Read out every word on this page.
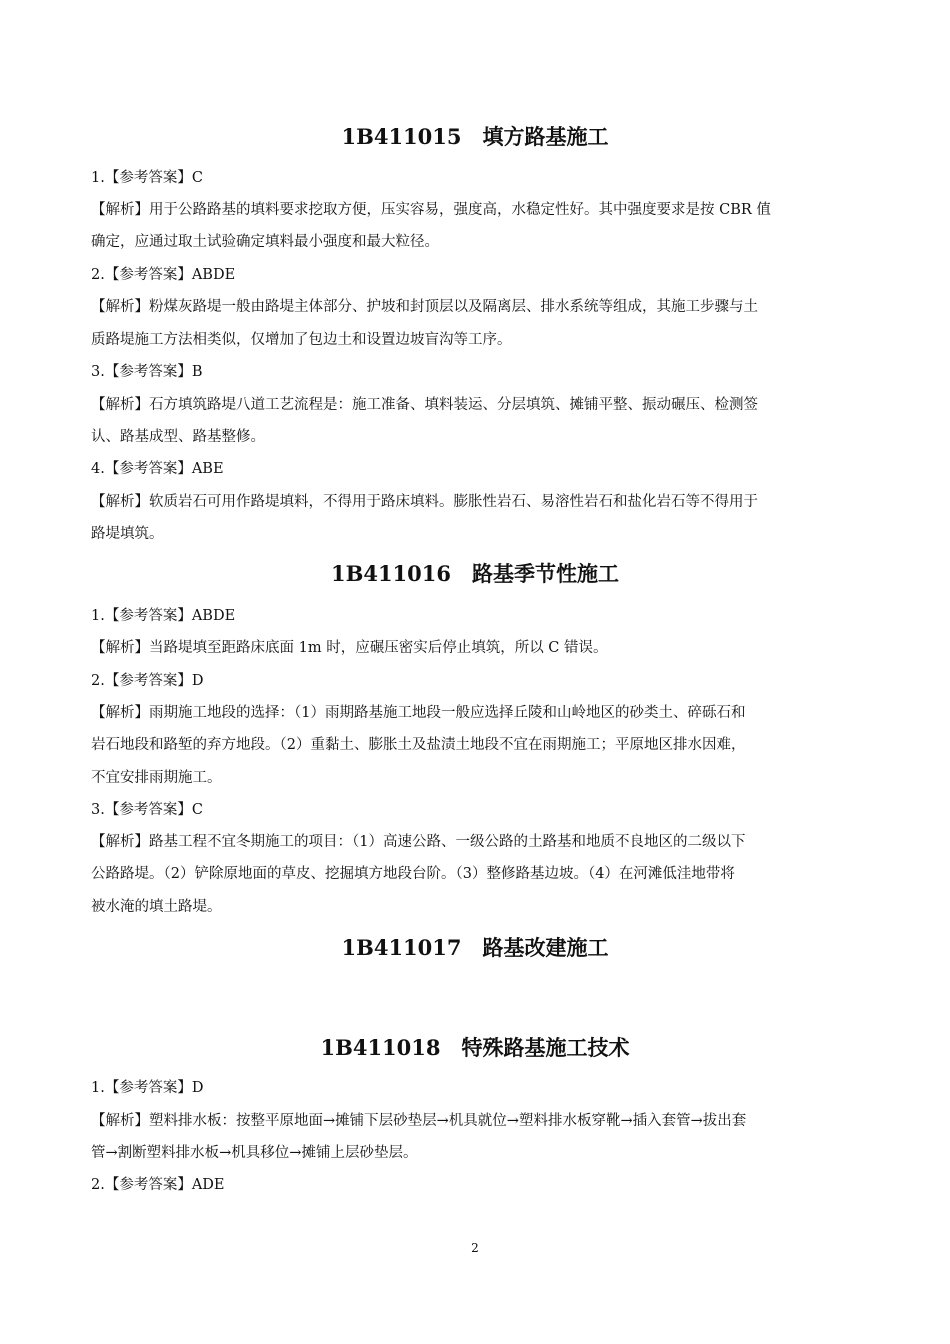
1B411015　填方路基施工
1.【参考答案】C
【解析】用于公路路基的填料要求挖取方便，压实容易，强度高，水稳定性好。其中强度要求是按 CBR 值
确定，应通过取土试验确定填料最小强度和最大粒径。
2.【参考答案】ABDE
【解析】粉煤灰路堤一般由路堤主体部分、护坡和封顶层以及隔离层、排水系统等组成，其施工步骤与土
质路堤施工方法相类似，仅增加了包边土和设置边坡盲沟等工序。
3.【参考答案】B
【解析】石方填筑路堤八道工艺流程是：施工准备、填料装运、分层填筑、摊铺平整、振动碾压、检测签
认、路基成型、路基整修。
4.【参考答案】ABE
【解析】软质岩石可用作路堤填料，不得用于路床填料。膨胀性岩石、易溶性岩石和盐化岩石等不得用于
路堤填筑。
1B411016　路基季节性施工
1.【参考答案】ABDE
【解析】当路堤填至距路床底面 1m 时，应碾压密实后停止填筑，所以 C 错误。
2.【参考答案】D
【解析】雨期施工地段的选择：（1）雨期路基施工地段一般应选择丘陵和山岭地区的砂类土、碎砾石和
岩石地段和路堑的弃方地段。（2）重黏土、膨胀土及盐渍土地段不宜在雨期施工；平原地区排水因难，
不宜安排雨期施工。
3.【参考答案】C
【解析】路基工程不宜冬期施工的项目：（1）高速公路、一级公路的土路基和地质不良地区的二级以下
公路路堤。（2）铲除原地面的草皮、挖掘填方地段台阶。（3）整修路基边坡。（4）在河滩低洼地带将
被水淹的填土路堤。
1B411017　路基改建施工
1B411018　特殊路基施工技术
1.【参考答案】D
【解析】塑料排水板：按整平原地面→摊铺下层砂垫层→机具就位→塑料排水板穿靴→插入套管→拔出套
管→割断塑料排水板→机具移位→摊铺上层砂垫层。
2.【参考答案】ADE
2
